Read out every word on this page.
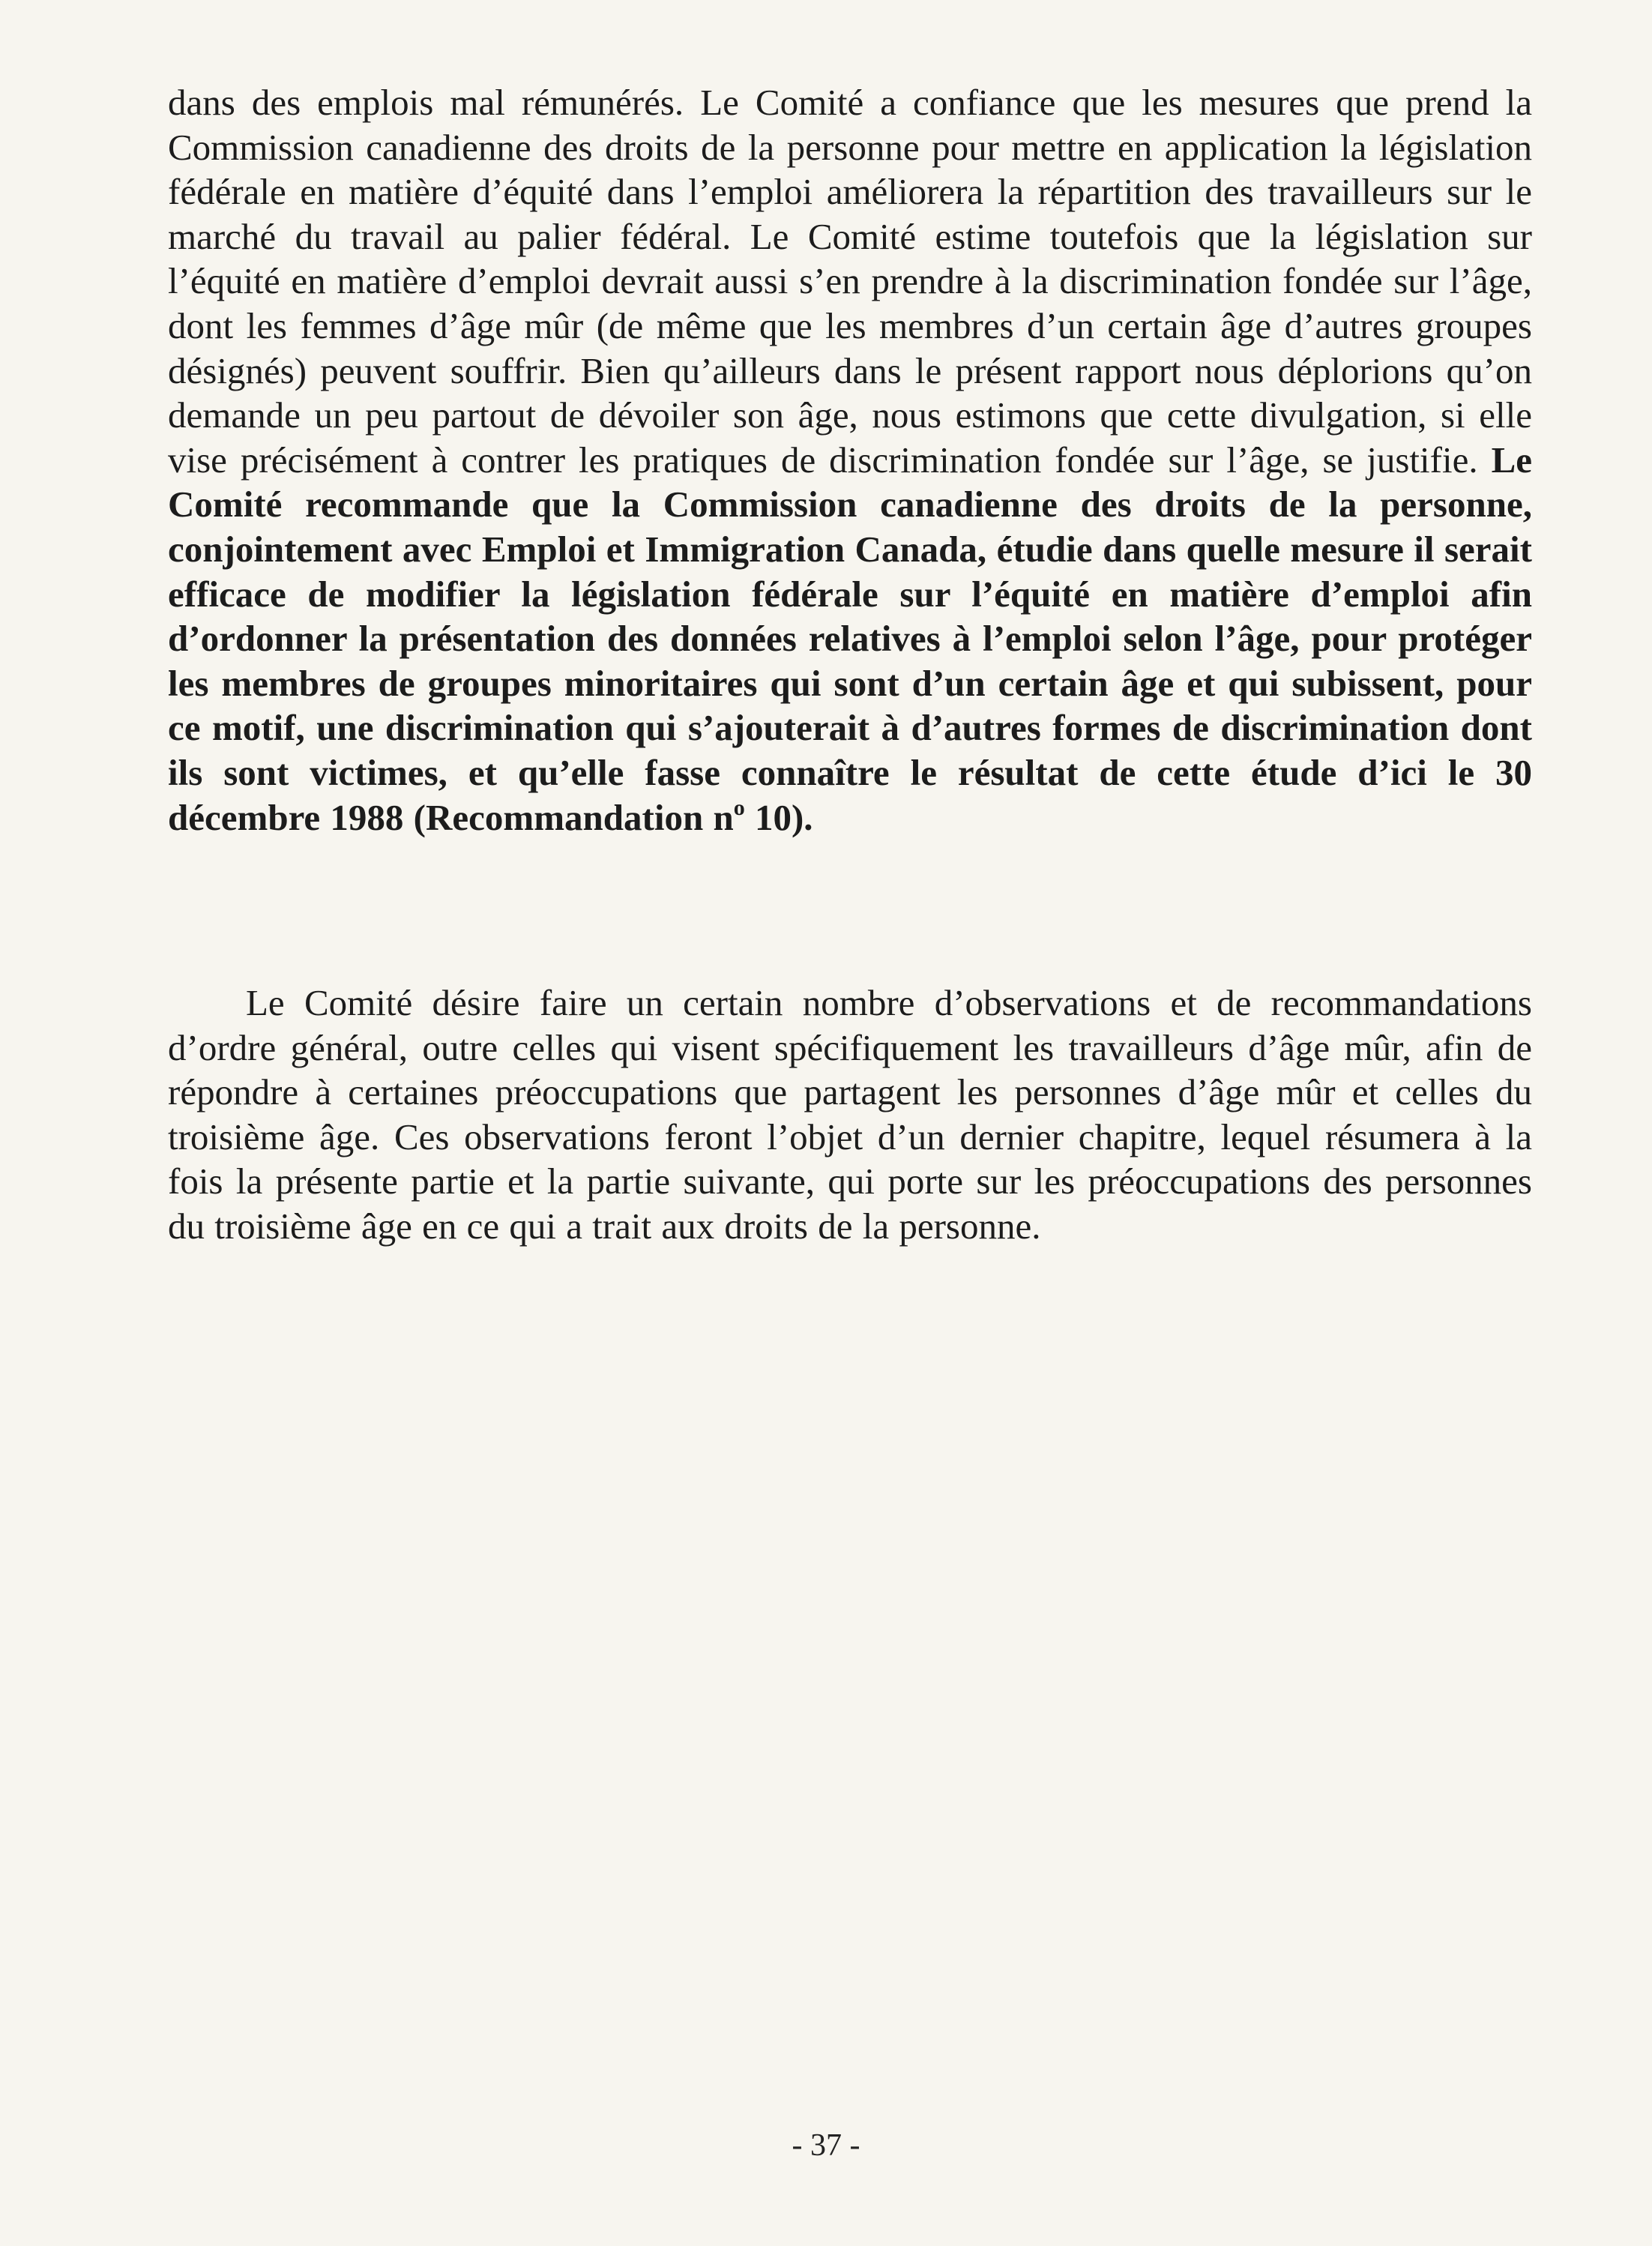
dans des emplois mal rémunérés. Le Comité a confiance que les mesures que prend la Commission canadienne des droits de la personne pour mettre en application la législation fédérale en matière d’équité dans l’emploi améliorera la répartition des travailleurs sur le marché du travail au palier fédéral. Le Comité estime toutefois que la législation sur l’équité en matière d’emploi devrait aussi s’en prendre à la discrimination fondée sur l’âge, dont les femmes d’âge mûr (de même que les membres d’un certain âge d’autres groupes désignés) peuvent souffrir. Bien qu’ailleurs dans le présent rapport nous déplorions qu’on demande un peu partout de dévoiler son âge, nous estimons que cette divulgation, si elle vise précisément à contrer les pratiques de discrimination fondée sur l’âge, se justifie. Le Comité recommande que la Commission canadienne des droits de la personne, conjointement avec Emploi et Immigration Canada, étudie dans quelle mesure il serait efficace de modifier la législation fédérale sur l’équité en matière d’emploi afin d’ordonner la présentation des données relatives à l’emploi selon l’âge, pour protéger les membres de groupes minoritaires qui sont d’un certain âge et qui subissent, pour ce motif, une discrimination qui s’ajouterait à d’autres formes de discrimination dont ils sont victimes, et qu’elle fasse connaître le résultat de cette étude d’ici le 30 décembre 1988 (Recommandation $n^o$ 10).

Le Comité désire faire un certain nombre d’observations et de recommandations d’ordre général, outre celles qui visent spécifiquement les travailleurs d’âge mûr, afin de répondre à certaines préoccupations que partagent les personnes d’âge mûr et celles du troisième âge. Ces observations feront l’objet d’un dernier chapitre, lequel résumera à la fois la présente partie et la partie suivante, qui porte sur les préoccupations des personnes du troisième âge en ce qui a trait aux droits de la personne.

- 37 -
